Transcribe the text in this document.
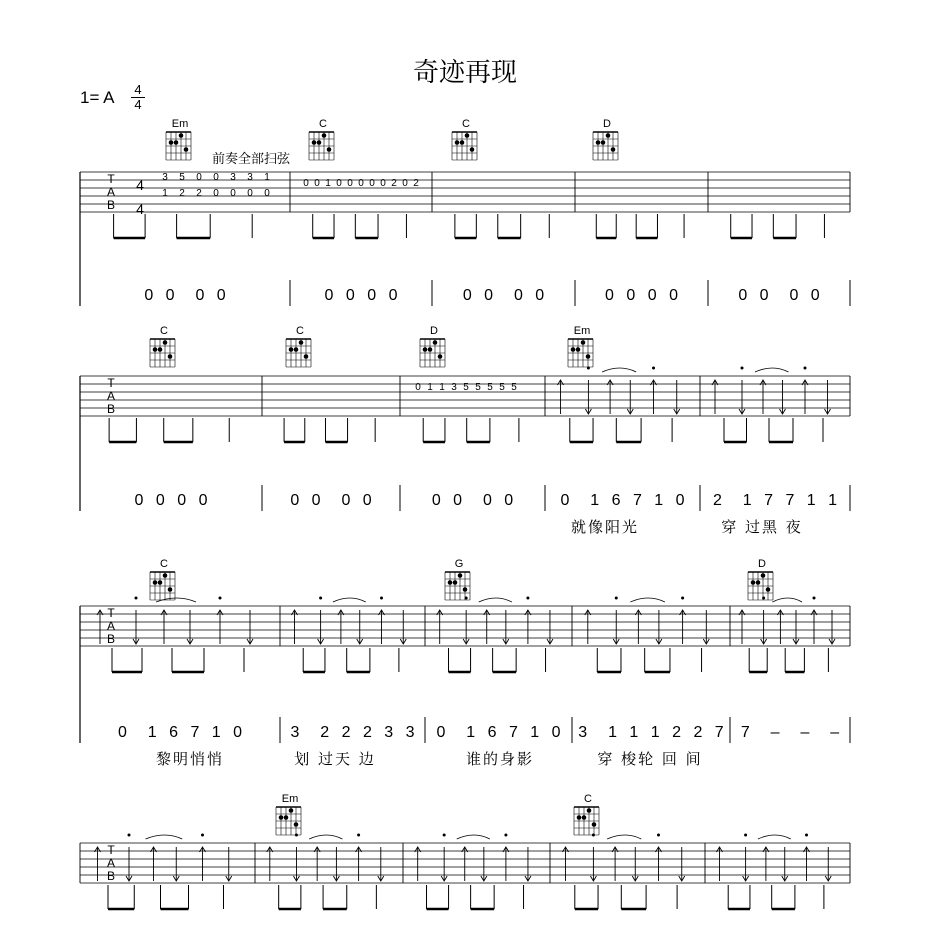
奇迹再现
1= A 4
4
前奏全部扫弦
T
A
B
Em	C	C	D
T
A
B
C	C	D	Em
T
A
B
C	G	D
T
A
B
Em	C
0 0  0 0	0 0 0 0	0 0  0 0	0 0 0 0	0 0  0 0
0 0 0 0	0 0  0 0	0 0  0 0	0  1 6 7 1 0 2  1 7 7 1 1
就像阳光	穿 过黑 夜
0  1 6 7 1 0	3  2 2 2 3 3 0  1 6 7 1 0 3  1 1 1 2 2 7 7  –  –  –
黎明悄悄	划 过天 边	谁的身影	穿 梭轮 回 间
4
4
3 5 0 0 3 3 1
1 2 2 0 0 0 0
0 0 1 0 0 0 0 0 2 0 2
0 1 1 3 5 5 5 5 5
